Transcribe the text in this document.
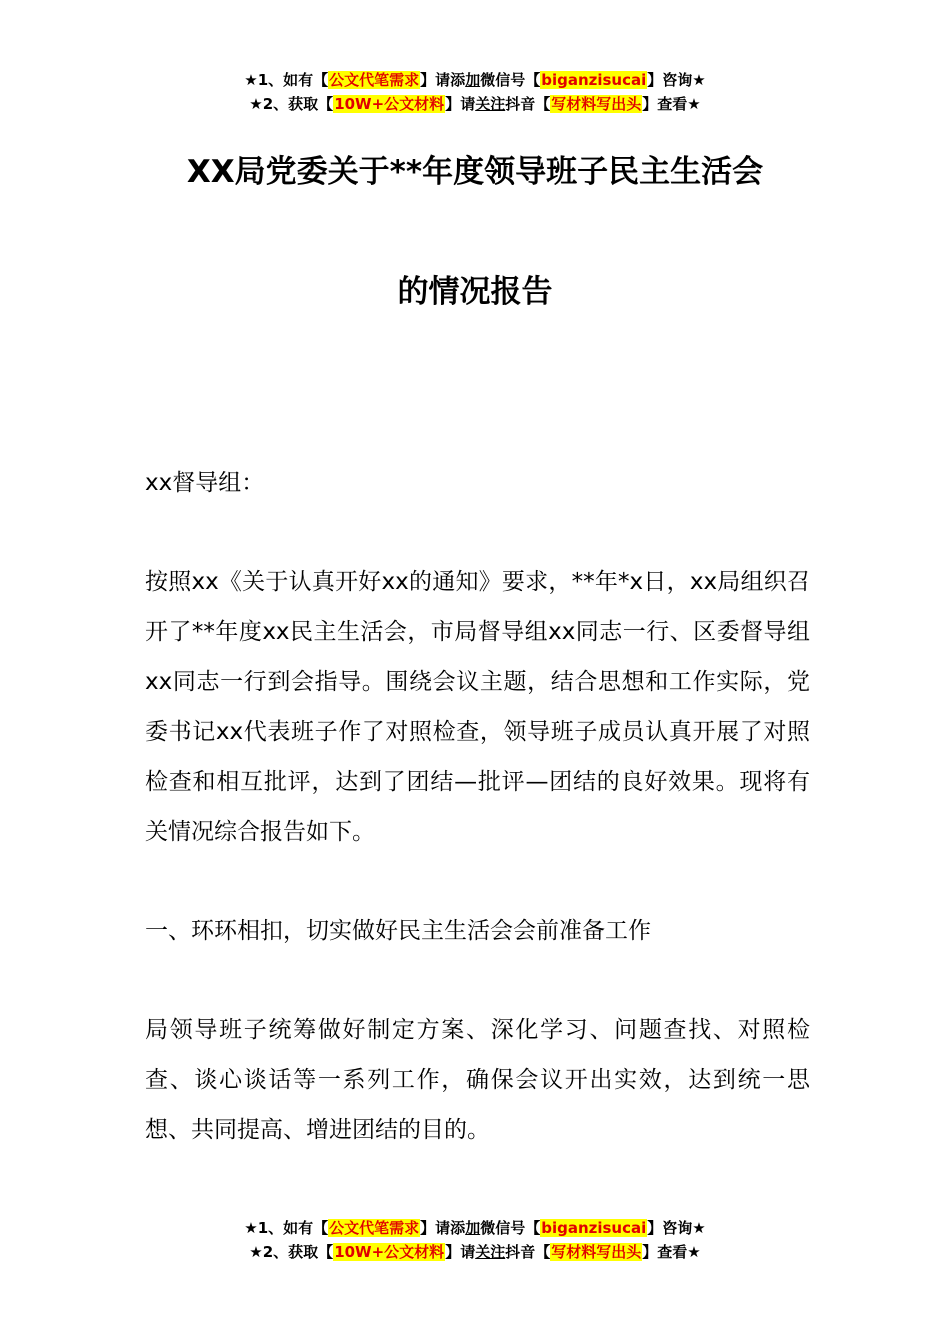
★1、如有【公文代笔需求】请添加微信号【biganzisucai】咨询★
★2、获取【10W+公文材料】请关注抖音【写材料写出头】查看★
XX局党委关于**年度领导班子民主生活会
的情况报告

xx督导组：

按照xx《关于认真开好xx的通知》要求，**年*x日，xx局组织召开了**年度xx民主生活会，市局督导组xx同志一行、区委督导组xx同志一行到会指导。围绕会议主题，结合思想和工作实际，党委书记xx代表班子作了对照检查，领导班子成员认真开展了对照检查和相互批评，达到了团结—批评—团结的良好效果。现将有关情况综合报告如下。

一、环环相扣，切实做好民主生活会会前准备工作

局领导班子统筹做好制定方案、深化学习、问题查找、对照检查、谈心谈话等一系列工作，确保会议开出实效，达到统一思想、共同提高、增进团结的目的。

★1、如有【公文代笔需求】请添加微信号【biganzisucai】咨询★
★2、获取【10W+公文材料】请关注抖音【写材料写出头】查看★
